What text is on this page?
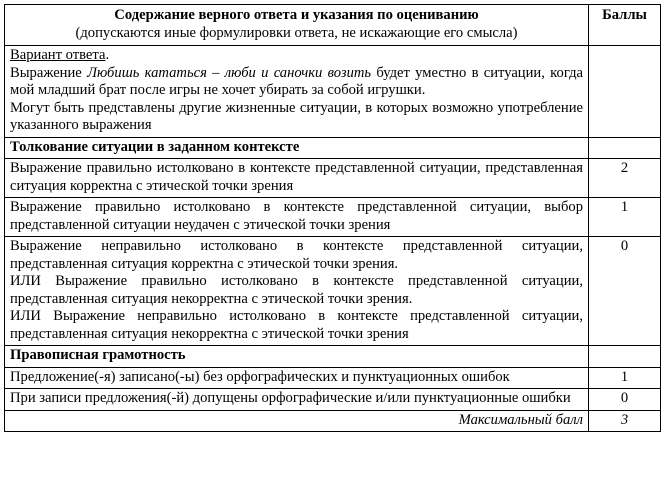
Содержание верного ответа и указания по оцениванию
(допускаются иные формулировки ответа, не искажающие его смысла)	Баллы

Вариант ответа.

Выражение Любишь кататься – люби и саночки возить будет уместно в ситуации, когда мой младший брат после игры не хочет убирать за собой игрушки.

Могут быть представлены другие жизненные ситуации, в которых возможно употребление указанного выражения	

Толкование ситуации в заданном контексте	
Выражение правильно истолковано в контексте представленной ситуации, представленная ситуация корректна с этической точки зрения	2
Выражение правильно истолковано в контексте представленной ситуации, выбор представленной ситуации неудачен с этической точки зрения	1

Выражение неправильно истолковано в контексте представленной ситуации, представленная ситуация корректна с этической точки зрения.

ИЛИ Выражение правильно истолковано в контексте представленной ситуации, представленная ситуация некорректна с этической точки зрения.

ИЛИ Выражение неправильно истолковано в контексте представленной ситуации, представленная ситуация некорректна с этической точки зрения	0
Правописная грамотность	
Предложение(-я) записано(-ы) без орфографических и пунктуационных ошибок	1
При записи предложения(-й) допущены орфографические и/или пунктуационные ошибки	0
Максимальный балл	3
